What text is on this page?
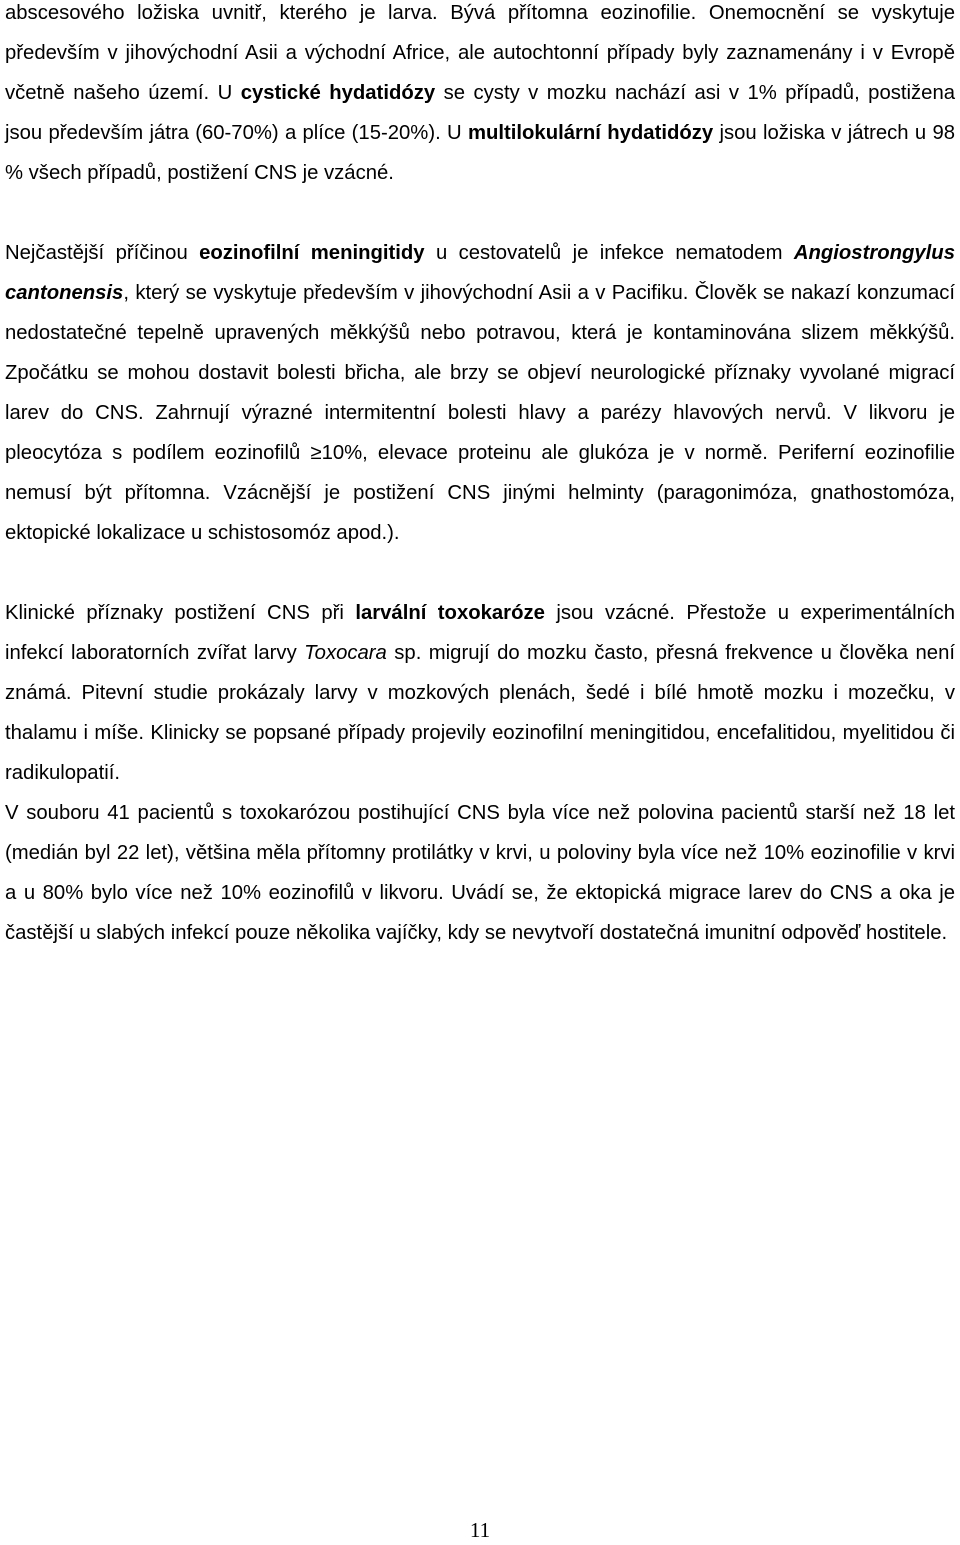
abscesového ložiska uvnitř, kterého je larva. Bývá přítomna eozinofilie. Onemocnění se vyskytuje především v jihovýchodní Asii a východní Africe, ale autochtonní případy byly zaznamenány i v Evropě včetně našeho území. U cystické hydatidózy se cysty v mozku nachází asi v 1% případů, postižena jsou především játra (60-70%) a plíce (15-20%). U multilokulární hydatidózy jsou ložiska v játrech u 98 % všech případů, postižení CNS je vzácné.

Nejčastější příčinou eozinofilní meningitidy u cestovatelů je infekce nematodem Angiostrongylus cantonensis, který se vyskytuje především v jihovýchodní Asii a v Pacifiku. Člověk se nakazí konzumací nedostatečné tepelně upravených měkkýšů nebo potravou, která je kontaminována slizem měkkýšů. Zpočátku se mohou dostavit bolesti břicha, ale brzy se objeví neurologické příznaky vyvolané migrací larev do CNS. Zahrnují výrazné intermitentní bolesti hlavy a parézy hlavových nervů. V likvoru je pleocytóza s podílem eozinofilů ≥10%, elevace proteinu ale glukóza je v normě. Periferní eozinofilie nemusí být přítomna. Vzácnější je postižení CNS jinými helminty (paragonimóza, gnathostomóza, ektopické lokalizace u schistosomóz apod.).

Klinické příznaky postižení CNS při larvální toxokaróze jsou vzácné. Přestože u experimentálních infekcí laboratorních zvířat larvy Toxocara sp. migrují do mozku často, přesná frekvence u člověka není známá. Pitevní studie prokázaly larvy v mozkových plenách, šedé i bílé hmotě mozku i mozečku, v thalamu i míše. Klinicky se popsané případy projevily eozinofilní meningitidou, encefalitidou, myelitidou či radikulopatií.

V souboru 41 pacientů s toxokarózou postihující CNS byla více než polovina pacientů starší než 18 let (medián byl 22 let), většina měla přítomny protilátky v krvi, u poloviny byla více než 10% eozinofilie v krvi a u 80% bylo více než 10% eozinofilů v likvoru. Uvádí se, že ektopická migrace larev do CNS a oka je častější u slabých infekcí pouze několika vajíčky, kdy se nevytvoří dostatečná imunitní odpověď hostitele.

11
